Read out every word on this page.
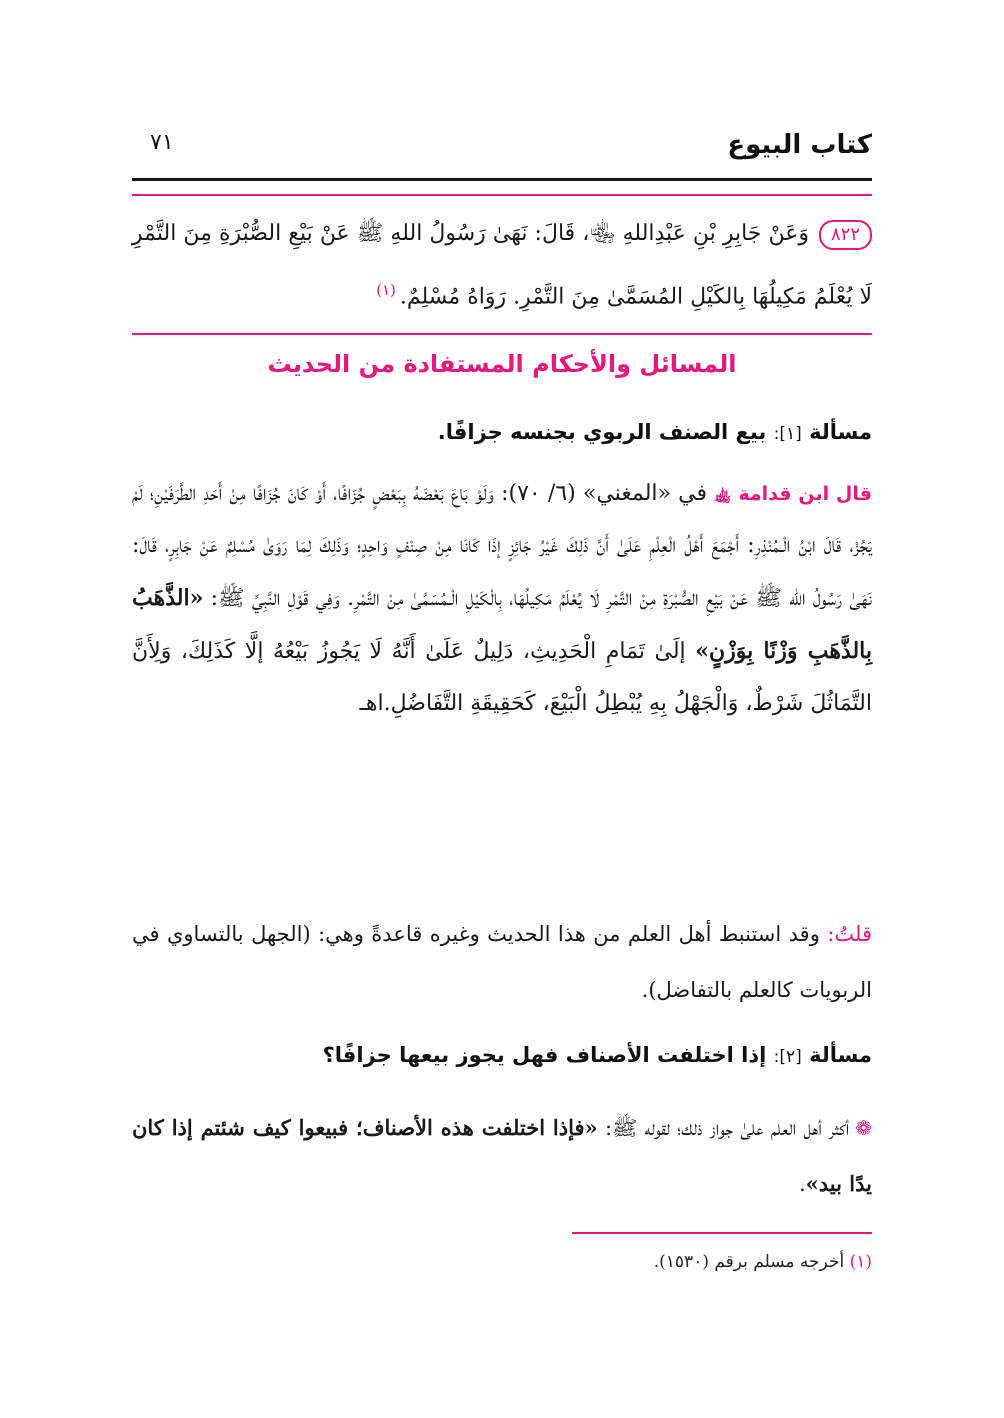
كتاب البيوع
٧١
٨٢٢وَعَنْ جَابِرِ بْنِ عَبْدِاللهِ ﵄، قَالَ: نَهَىٰ رَسُولُ اللهِ ﷺ عَنْ بَيْعِ الصُّبْرَةِ مِنَ التَّمْرِ لَا يُعْلَمُ مَكِيلُهَا بِالكَيْلِ المُسَمَّىٰ مِنَ التَّمْرِ. رَوَاهُ مُسْلِمٌ.$^{(١)}$
المسائل والأحكام المستفادة من الحديث
مسألة [١]: بيع الصنف الربوي بجنسه جزافًا.
قال ابن قدامة ﵀ في «المغني» (٦/ ٧٠): وَلَوْ بَاعَ بَعْضَهُ بِبَعْضٍ جُزَافًا، أَوْ كَانَ جُزَافًا مِنْ أَحَدِ الطَّرَفَيْنِ؛ لَمْ يَجُزْ، قَالَ ابْنُ الْـمُنْذِرِ: أَجْمَعَ أَهْلُ الْعِلْمِ عَلَىٰ أَنَّ ذَلِكَ غَيْرُ جَائِزٍ إذَا كَانَا مِنْ صِنْفٍ وَاحِدٍ؛ وَذَلِكَ لِمَا رَوَىٰ مُسْلِمٌ عَنْ جَابِرٍ، قَالَ: نَهَىٰ رَسُولُ الله ﷺ عَنْ بَيْعِ الصُّبْرَةِ مِنْ التَّمْرِ لَا يُعْلَمُ مَكِيلُهَا، بِالْكَيْلِ الْـمُسَمَّىٰ مِنْ التَّمْرِ. وَفِي قَوْلِ النَّبِيِّ ﷺ: «الذَّهَبُ بِالذَّهَبِ وَزْنًا بِوَزْنٍ» إلَىٰ تَمَامِ الْحَدِيثِ، دَلِيلٌ عَلَىٰ أَنَّهُ لَا يَجُوزُ بَيْعُهُ إلَّا كَذَلِكَ، وَلِأَنَّ التَّمَاثُلَ شَرْطٌ، وَالْجَهْلُ بِهِ يُبْطِلُ الْبَيْعَ، كَحَقِيقَةِ التَّفَاضُلِ.اهـ
قلتُ: وقد استنبط أهل العلم من هذا الحديث وغيره قاعدةً وهي: (الجهل بالتساوي في الربويات كالعلم بالتفاضل).
مسألة [٢]: إذا اختلفت الأصناف فهل يجوز بيعها جزافًا؟
❁أكثر أهل العلم علىٰ جواز ذلك؛ لقوله ﷺ: «فإذا اختلفت هذه الأصناف؛ فبيعوا كيف شئتم إذا كان يدًا بيد».
(١) أخرجه مسلم برقم (١٥٣٠).
